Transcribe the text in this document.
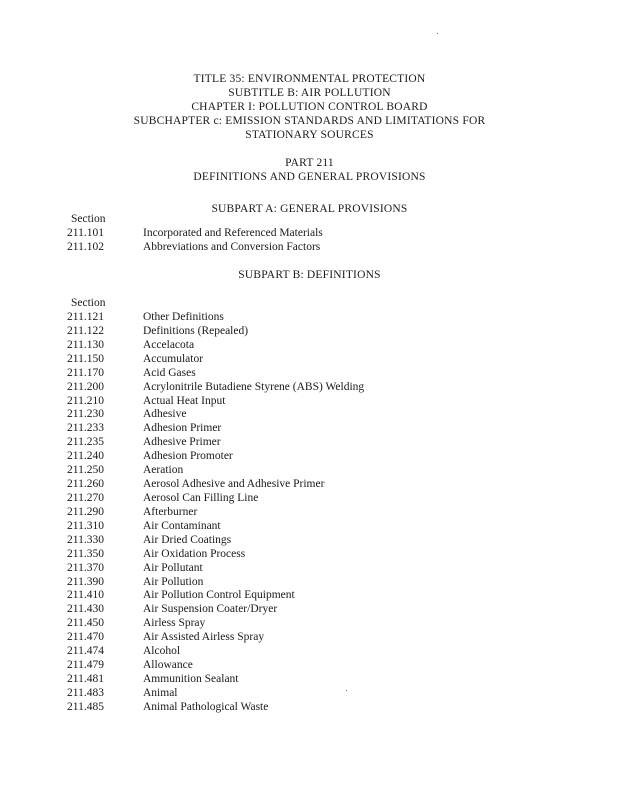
TITLE 35: ENVIRONMENTAL PROTECTION
SUBTITLE B: AIR POLLUTION
CHAPTER I: POLLUTION CONTROL BOARD
SUBCHAPTER c: EMISSION STANDARDS AND LIMITATIONS FOR
STATIONARY SOURCES
PART 211
DEFINITIONS AND GENERAL PROVISIONS
SUBPART A: GENERAL PROVISIONS
Section
211.101	Incorporated and Referenced Materials
211.102	Abbreviations and Conversion Factors
SUBPART B: DEFINITIONS
Section
211.121	Other Definitions
211.122	Definitions (Repealed)
211.130	Accelacota
211.150	Accumulator
211.170	Acid Gases
211.200	Acrylonitrile Butadiene Styrene (ABS) Welding
211.210	Actual Heat Input
211.230	Adhesive
211.233	Adhesion Primer
211.235	Adhesive Primer
211.240	Adhesion Promoter
211.250	Aeration
211.260	Aerosol Adhesive and Adhesive Primer
211.270	Aerosol Can Filling Line
211.290	Afterburner
211.310	Air Contaminant
211.330	Air Dried Coatings
211.350	Air Oxidation Process
211.370	Air Pollutant
211.390	Air Pollution
211.410	Air Pollution Control Equipment
211.430	Air Suspension Coater/Dryer
211.450	Airless Spray
211.470	Air Assisted Airless Spray
211.474	Alcohol
211.479	Allowance
211.481	Ammunition Sealant
211.483	Animal
211.485	Animal Pathological Waste
